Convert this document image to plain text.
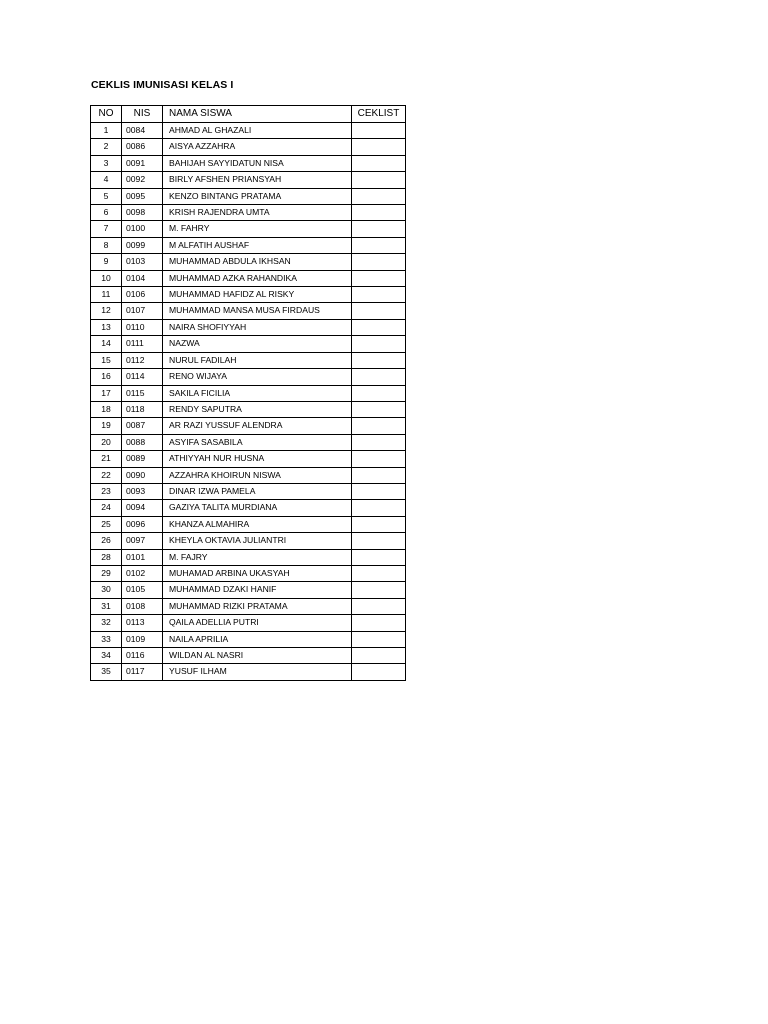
CEKLIS IMUNISASI KELAS I
NO	NIS	NAMA SISWA	CEKLIST
1	0084	AHMAD AL GHAZALI	
2	0086	AISYA AZZAHRA	
3	0091	BAHIJAH SAYYIDATUN NISA	
4	0092	BIRLY AFSHEN PRIANSYAH	
5	0095	KENZO BINTANG PRATAMA	
6	0098	KRISH RAJENDRA UMTA	
7	0100	M. FAHRY	
8	0099	M ALFATIH AUSHAF	
9	0103	MUHAMMAD ABDULA IKHSAN	
10	0104	MUHAMMAD AZKA RAHANDIKA	
11	0106	MUHAMMAD HAFIDZ AL RISKY	
12	0107	MUHAMMAD MANSA MUSA FIRDAUS	
13	0110	NAIRA SHOFIYYAH	
14	0111	NAZWA	
15	0112	NURUL FADILAH	
16	0114	RENO WIJAYA	
17	0115	SAKILA FICILIA	
18	0118	RENDY SAPUTRA	
19	0087	AR RAZI YUSSUF ALENDRA	
20	0088	ASYIFA SASABILA	
21	0089	ATHIYYAH NUR HUSNA	
22	0090	AZZAHRA KHOIRUN NISWA	
23	0093	DINAR IZWA PAMELA	
24	0094	GAZIYA TALITA MURDIANA	
25	0096	KHANZA ALMAHIRA	
26	0097	KHEYLA OKTAVIA JULIANTRI	
28	0101	M. FAJRY	
29	0102	MUHAMAD ARBINA UKASYAH	
30	0105	MUHAMMAD DZAKI HANIF	
31	0108	MUHAMMAD RIZKI PRATAMA	
32	0113	QAILA ADELLIA PUTRI	
33	0109	NAILA APRILIA	
34	0116	WILDAN AL NASRI	
35	0117	YUSUF ILHAM	
